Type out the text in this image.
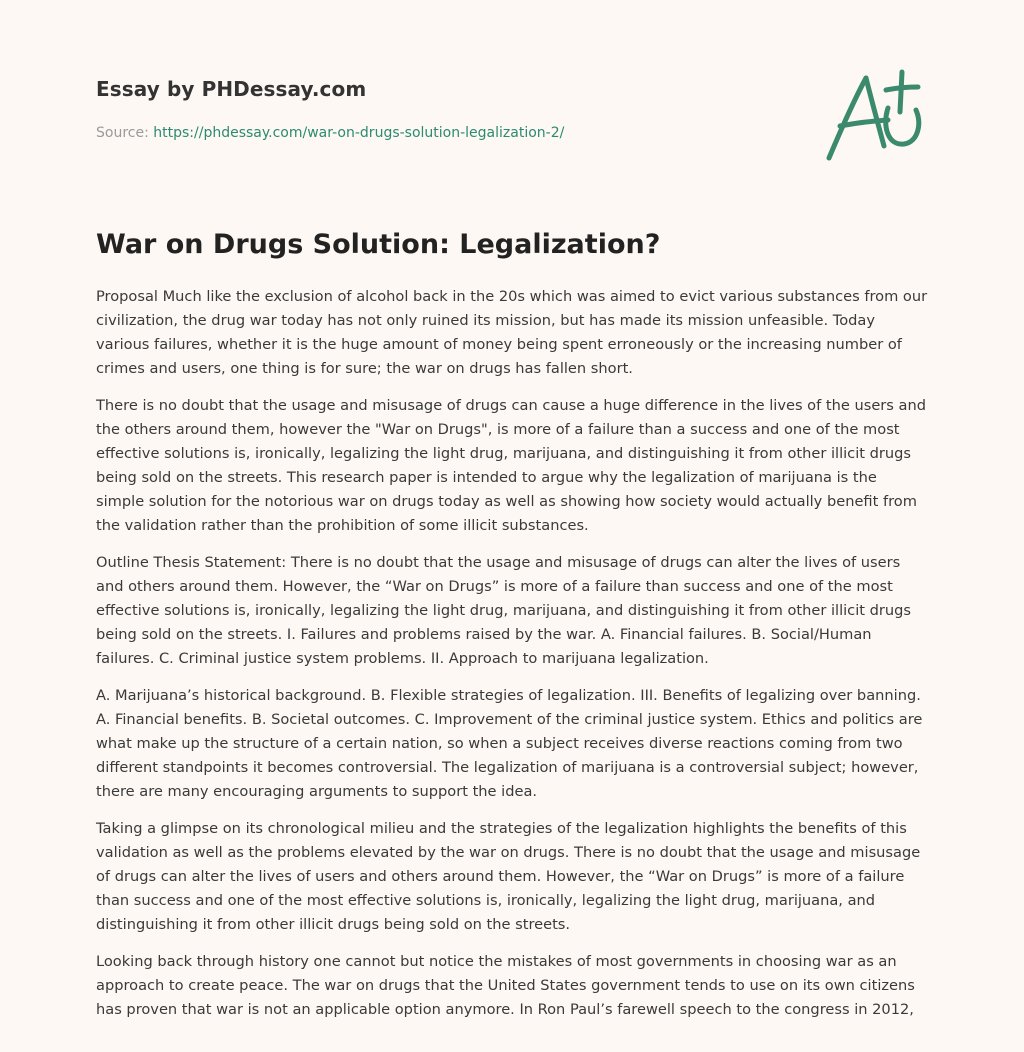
Essay by PHDessay.com
Source: https://phdessay.com/war-on-drugs-solution-legalization-2/
War on Drugs Solution: Legalization?

Proposal Much like the exclusion of alcohol back in the 20s which was aimed to evict various substances from our civilization, the drug war today has not only ruined its mission, but has made its mission unfeasible. Today various failures, whether it is the huge amount of money being spent erroneously or the increasing number of crimes and users, one thing is for sure; the war on drugs has fallen short.

There is no doubt that the usage and misusage of drugs can cause a huge difference in the lives of the users and the others around them, however the "War on Drugs", is more of a failure than a success and one of the most effective solutions is, ironically, legalizing the light drug, marijuana, and distinguishing it from other illicit drugs being sold on the streets. This research paper is intended to argue why the legalization of marijuana is the simple solution for the notorious war on drugs today as well as showing how society would actually benefit from the validation rather than the prohibition of some illicit substances.

Outline Thesis Statement: There is no doubt that the usage and misusage of drugs can alter the lives of users and others around them. However, the “War on Drugs” is more of a failure than success and one of the most effective solutions is, ironically, legalizing the light drug, marijuana, and distinguishing it from other illicit drugs being sold on the streets. I. Failures and problems raised by the war. A. Financial failures. B. Social/Human failures. C. Criminal justice system problems. II. Approach to marijuana legalization.

A. Marijuana’s historical background. B. Flexible strategies of legalization. III. Benefits of legalizing over banning. A. Financial benefits. B. Societal outcomes. C. Improvement of the criminal justice system. Ethics and politics are what make up the structure of a certain nation, so when a subject receives diverse reactions coming from two different standpoints it becomes controversial. The legalization of marijuana is a controversial subject; however, there are many encouraging arguments to support the idea.

Taking a glimpse on its chronological milieu and the strategies of the legalization highlights the benefits of this validation as well as the problems elevated by the war on drugs. There is no doubt that the usage and misusage of drugs can alter the lives of users and others around them. However, the “War on Drugs” is more of a failure than success and one of the most effective solutions is, ironically, legalizing the light drug, marijuana, and distinguishing it from other illicit drugs being sold on the streets.

Looking back through history one cannot but notice the mistakes of most governments in choosing war as an approach to create peace. The war on drugs that the United States government tends to use on its own citizens has proven that war is not an applicable option anymore. In Ron Paul’s farewell speech to the congress in 2012,
